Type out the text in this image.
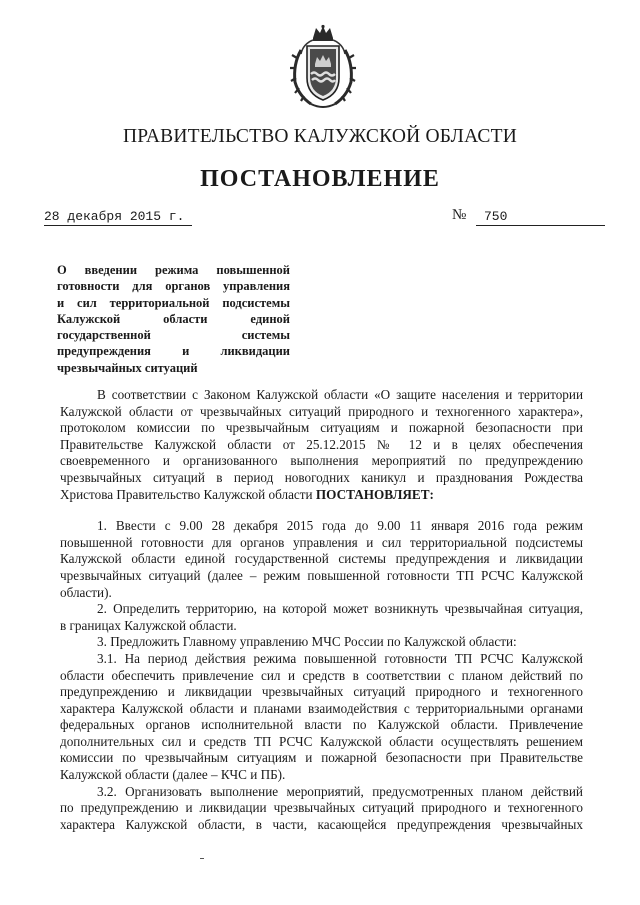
ПРАВИТЕЛЬСТВО КАЛУЖСКОЙ ОБЛАСТИ
ПОСТАНОВЛЕНИЕ
28 декабря 2015 г.	№	750
О введении режима повышенной
готовности для органов управления
и сил территориальной подсистемы
Калужской области единой
государственной системы
предупреждения и ликвидации
чрезвычайных ситуаций
В соответствии с Законом Калужской области «О защите населения и территории
Калужской области от чрезвычайных ситуаций природного и техногенного характера»,
протоколом комиссии по чрезвычайным ситуациям и пожарной безопасности при
Правительстве Калужской области от 25.12.2015 № 12 и в целях обеспечения
своевременного и организованного выполнения мероприятий по предупреждению
чрезвычайных ситуаций в период новогодних каникул и празднования Рождества
Христова Правительство Калужской области ПОСТАНОВЛЯЕТ:
1. Ввести с 9.00 28 декабря 2015 года до 9.00 11 января 2016 года режим
повышенной готовности для органов управления и сил территориальной подсистемы
Калужской области единой государственной системы предупреждения и ликвидации
чрезвычайных ситуаций (далее – режим повышенной готовности ТП РСЧС Калужской
области).
2. Определить территорию, на которой может возникнуть чрезвычайная ситуация,
в границах Калужской области.
3. Предложить Главному управлению МЧС России по Калужской области:
3.1. На период действия режима повышенной готовности ТП РСЧС Калужской
области обеспечить привлечение сил и средств в соответствии с планом действий по
предупреждению и ликвидации чрезвычайных ситуаций природного и техногенного
характера Калужской области и планами взаимодействия с территориальными органами
федеральных органов исполнительной власти по Калужской области. Привлечение
дополнительных сил и средств ТП РСЧС Калужской области осуществлять решением
комиссии по чрезвычайным ситуациям и пожарной безопасности при Правительстве
Калужской области (далее – КЧС и ПБ).
3.2. Организовать выполнение мероприятий, предусмотренных планом действий
по предупреждению и ликвидации чрезвычайных ситуаций природного и техногенного
характера Калужской области, в части, касающейся предупреждения чрезвычайных
